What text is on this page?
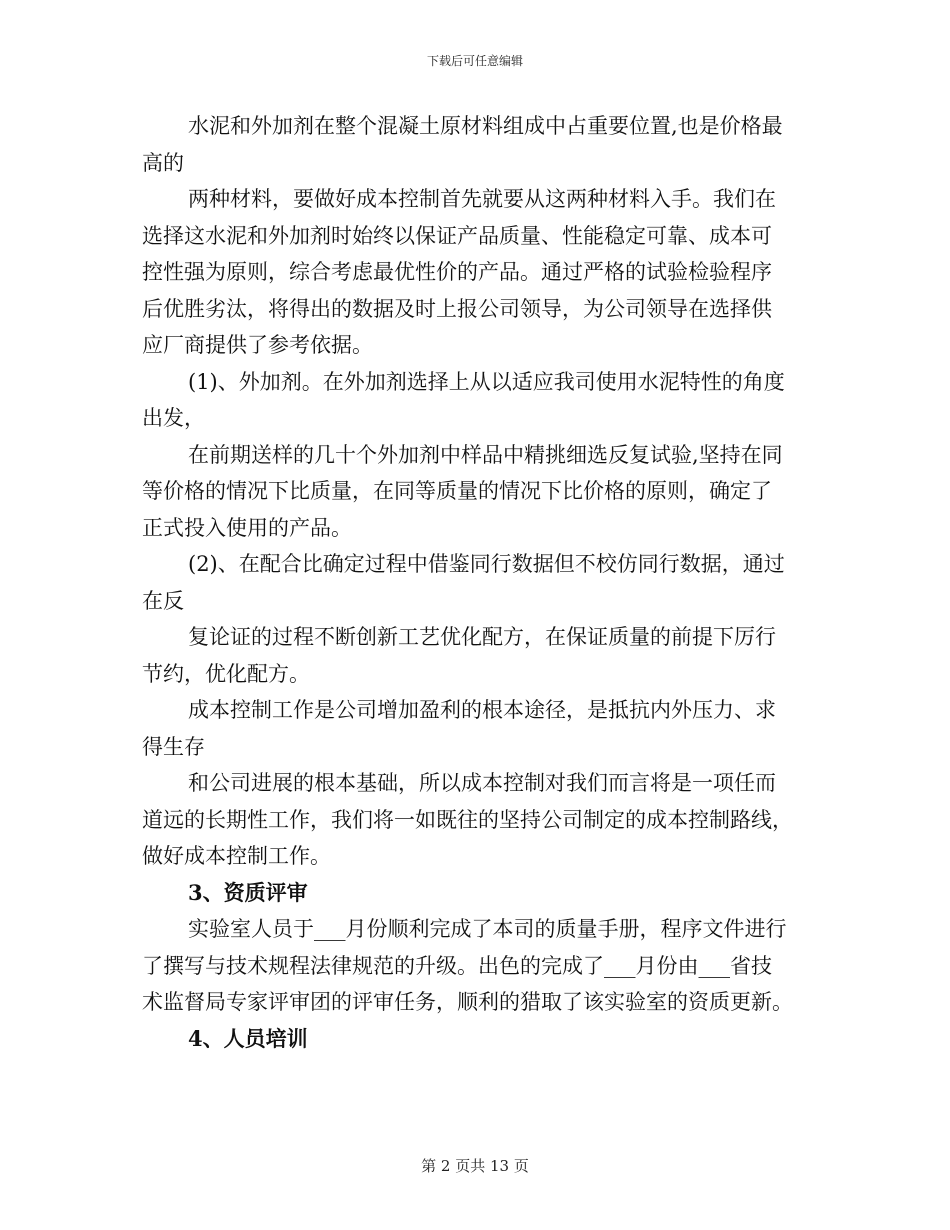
下载后可任意编辑
水泥和外加剂在整个混凝土原材料组成中占重要位置,也是价格最
高的
两种材料，要做好成本控制首先就要从这两种材料入手。我们在
选择这水泥和外加剂时始终以保证产品质量、性能稳定可靠、成本可
控性强为原则，综合考虑最优性价的产品。通过严格的试验检验程序
后优胜劣汰，将得出的数据及时上报公司领导，为公司领导在选择供
应厂商提供了参考依据。
(1)、外加剂。在外加剂选择上从以适应我司使用水泥特性的角度
出发，
在前期送样的几十个外加剂中样品中精挑细选反复试验,坚持在同
等价格的情况下比质量，在同等质量的情况下比价格的原则，确定了
正式投入使用的产品。
(2)、在配合比确定过程中借鉴同行数据但不校仿同行数据，通过
在反
复论证的过程不断创新工艺优化配方，在保证质量的前提下厉行
节约，优化配方。
成本控制工作是公司增加盈利的根本途径，是抵抗内外压力、求
得生存
和公司进展的根本基础，所以成本控制对我们而言将是一项任而
道远的长期性工作，我们将一如既往的坚持公司制定的成本控制路线，
做好成本控制工作。
3、资质评审
实验室人员于___月份顺利完成了本司的质量手册，程序文件进行
了撰写与技术规程法律规范的升级。出色的完成了___月份由___省技
术监督局专家评审团的评审任务，顺利的猎取了该实验室的资质更新。
4、人员培训
第 2 页共 13 页
